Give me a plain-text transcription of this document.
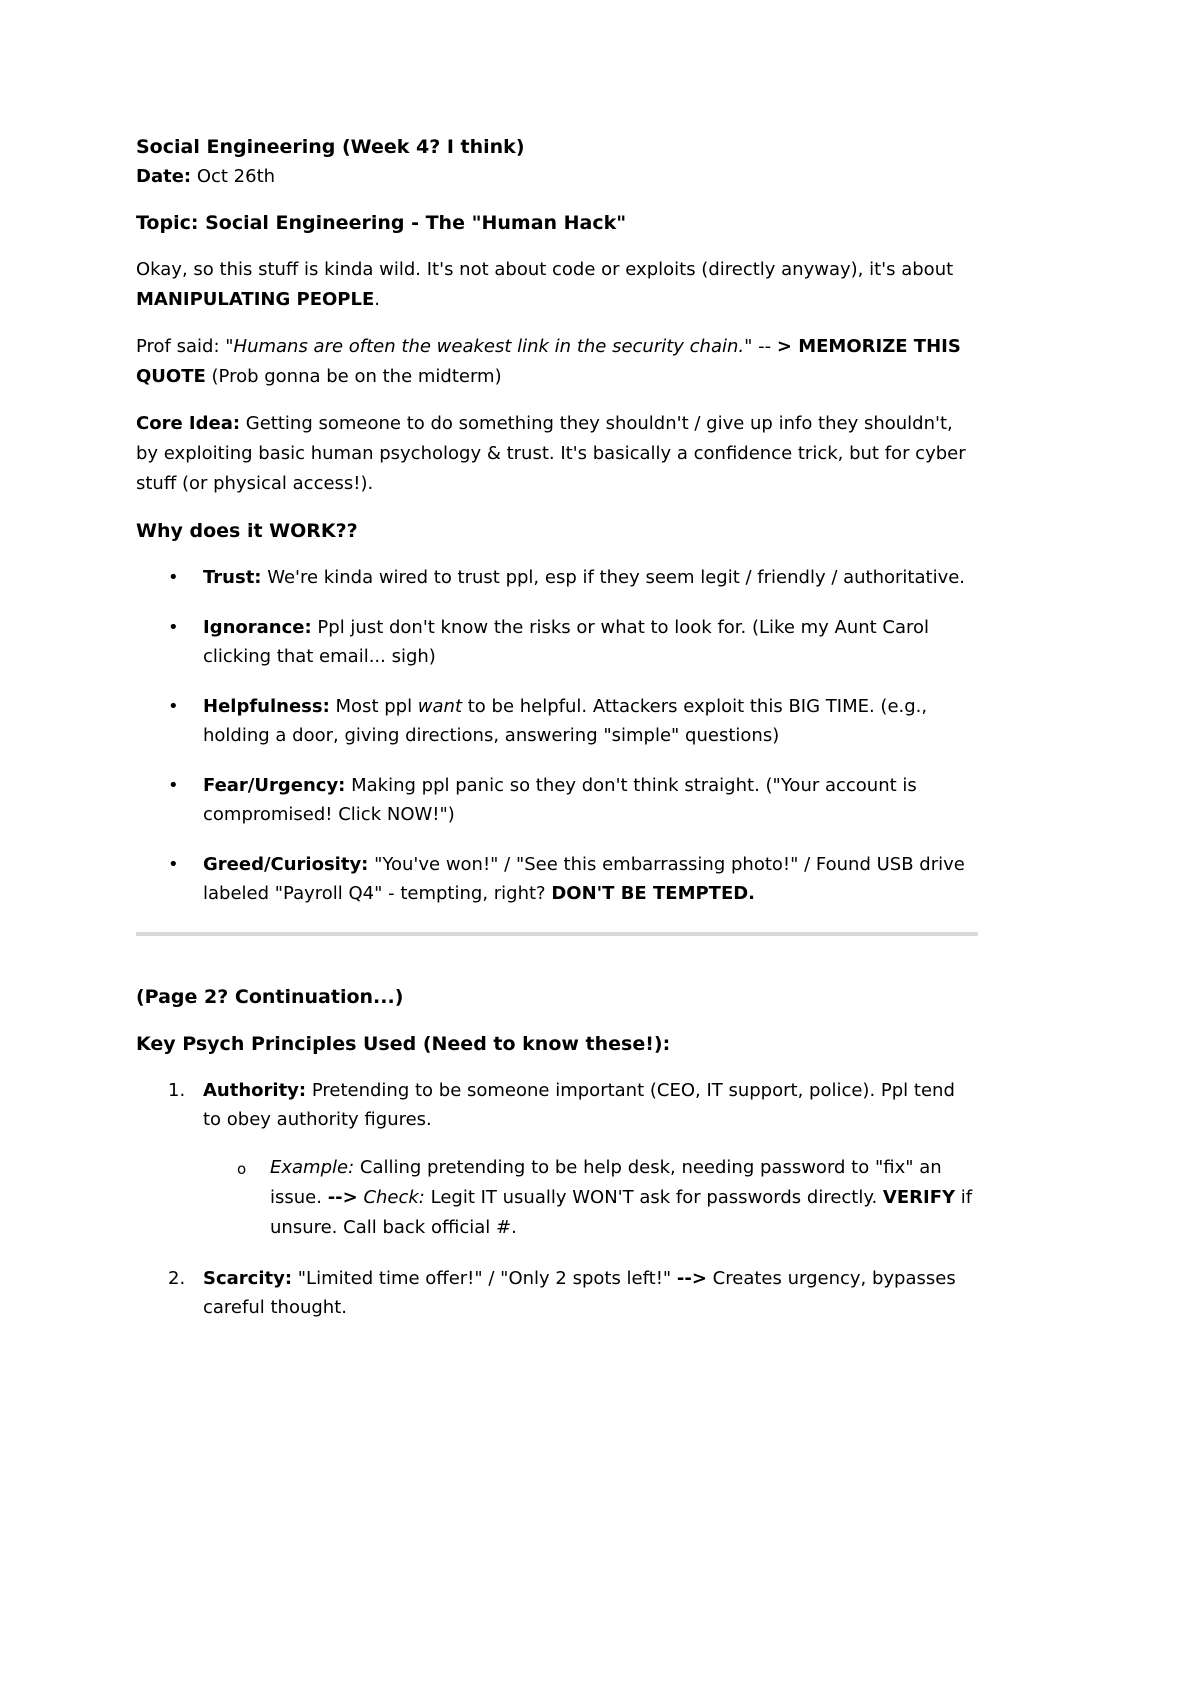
Social Engineering (Week 4? I think)

Date: Oct 26th

Topic: Social Engineering - The "Human Hack"

Okay, so this stuff is kinda wild. It's not about code or exploits (directly anyway), it's about MANIPULATING PEOPLE.

Prof said: "Humans are often the weakest link in the security chain." -- > MEMORIZE THIS QUOTE (Prob gonna be on the midterm)

Core Idea: Getting someone to do something they shouldn't / give up info they shouldn't, by exploiting basic human psychology & trust. It's basically a confidence trick, but for cyber stuff (or physical access!).

Why does it WORK??

• Trust: We're kinda wired to trust ppl, esp if they seem legit / friendly / authoritative.
• Ignorance: Ppl just don't know the risks or what to look for. (Like my Aunt Carol clicking that email... sigh)
• Helpfulness: Most ppl want to be helpful. Attackers exploit this BIG TIME. (e.g., holding a door, giving directions, answering "simple" questions)
• Fear/Urgency: Making ppl panic so they don't think straight. ("Your account is compromised! Click NOW!")
• Greed/Curiosity: "You've won!" / "See this embarrassing photo!" / Found USB drive labeled "Payroll Q4" - tempting, right? DON'T BE TEMPTED.

(Page 2? Continuation...)

Key Psych Principles Used (Need to know these!):

1. Authority: Pretending to be someone important (CEO, IT support, police). Ppl tend to obey authority figures.
o Example: Calling pretending to be help desk, needing password to "fix" an issue. --> Check: Legit IT usually WON'T ask for passwords directly. VERIFY if unsure. Call back official #.
2. Scarcity: "Limited time offer!" / "Only 2 spots left!" --> Creates urgency, bypasses careful thought.
